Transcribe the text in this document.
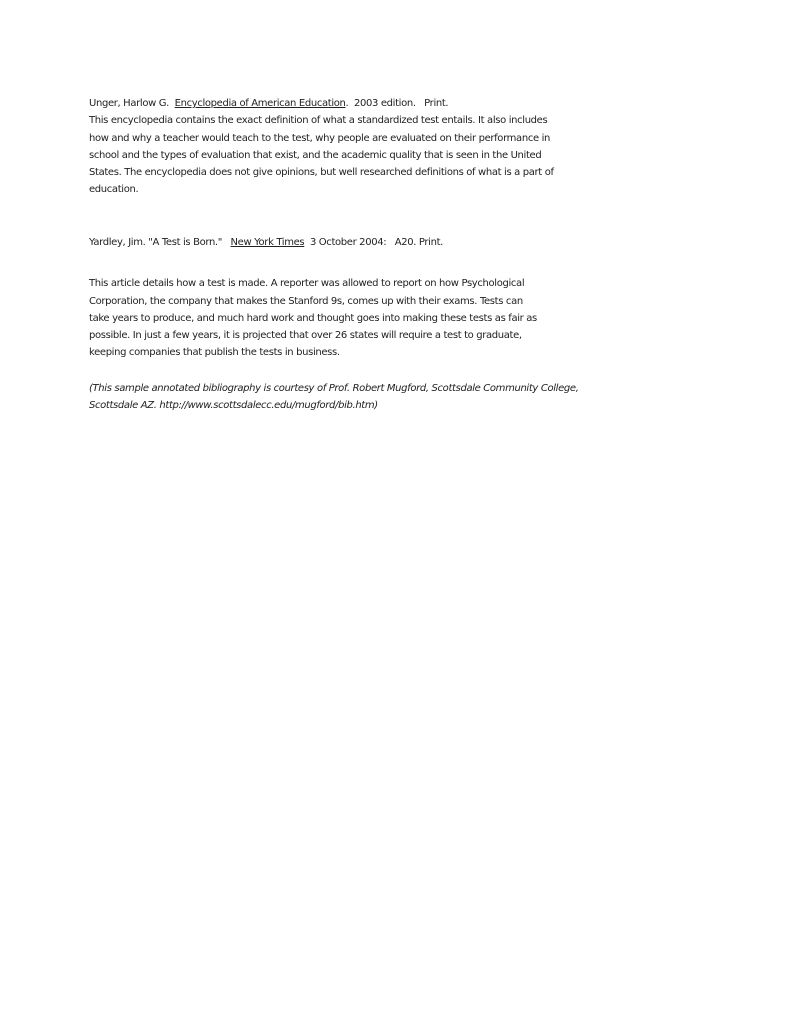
Unger, Harlow G. Encyclopedia of American Education.  2003 edition.   Print.
This encyclopedia contains the exact definition of what a standardized test entails. It also includes
how and why a teacher would teach to the test, why people are evaluated on their performance in
school and the types of evaluation that exist, and the academic quality that is seen in the United
States. The encyclopedia does not give opinions, but well researched definitions of what is a part of
education.
Yardley, Jim. "A Test is Born." New York Times  3 October 2004:   A20. Print.
This article details how a test is made. A reporter was allowed to report on how Psychological
Corporation, the company that makes the Stanford 9s, comes up with their exams. Tests can
take years to produce, and much hard work and thought goes into making these tests as fair as
possible. In just a few years, it is projected that over 26 states will require a test to graduate,
keeping companies that publish the tests in business.
(This sample annotated bibliography is courtesy of Prof. Robert Mugford, Scottsdale Community College,
Scottsdale AZ. http://www.scottsdalecc.edu/mugford/bib.htm)
